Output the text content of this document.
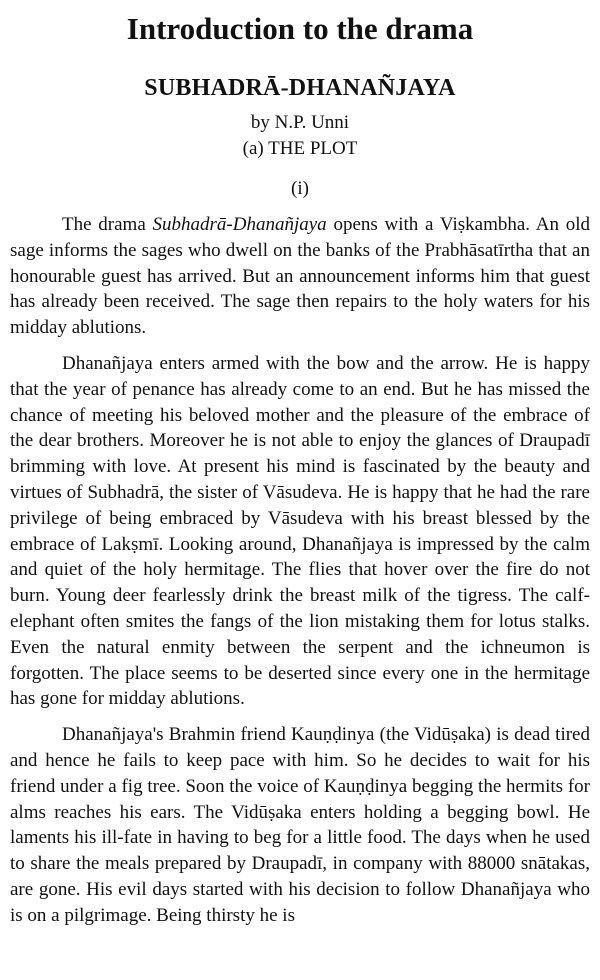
Introduction to the drama
SUBHADRĀ-DHANAÑJAYA

by N.P. Unni

(a) THE PLOT

(i)

The drama Subhadrā-Dhanañjaya opens with a Viṣkambha. An old sage informs the sages who dwell on the banks of the Prabhāsatīrtha that an honourable guest has arrived. But an announcement informs him that guest has already been received. The sage then repairs to the holy waters for his midday ablutions.

Dhanañjaya enters armed with the bow and the arrow. He is happy that the year of penance has already come to an end. But he has missed the chance of meeting his beloved mother and the pleasure of the embrace of the dear brothers. Moreover he is not able to enjoy the glances of Draupadī brimming with love. At present his mind is fascinated by the beauty and virtues of Subhadrā, the sister of Vāsudeva. He is happy that he had the rare privilege of being embraced by Vāsudeva with his breast blessed by the embrace of Lakṣmī. Looking around, Dhanañjaya is impressed by the calm and quiet of the holy hermitage. The flies that hover over the fire do not burn. Young deer fearlessly drink the breast milk of the tigress. The calf- elephant often smites the fangs of the lion mistaking them for lotus stalks. Even the natural enmity between the serpent and the ichneumon is forgotten. The place seems to be deserted since every one in the hermitage has gone for midday ablutions.

Dhanañjaya's Brahmin friend Kauṇḍinya (the Vidūṣaka) is dead tired and hence he fails to keep pace with him. So he decides to wait for his friend under a fig tree. Soon the voice of Kauṇḍinya begging the hermits for alms reaches his ears. The Vidūṣaka enters holding a begging bowl. He laments his ill-fate in having to beg for a little food. The days when he used to share the meals prepared by Draupadī, in company with 88000 snātakas, are gone. His evil days started with his decision to follow Dhanañjaya who is on a pilgrimage. Being thirsty he is
